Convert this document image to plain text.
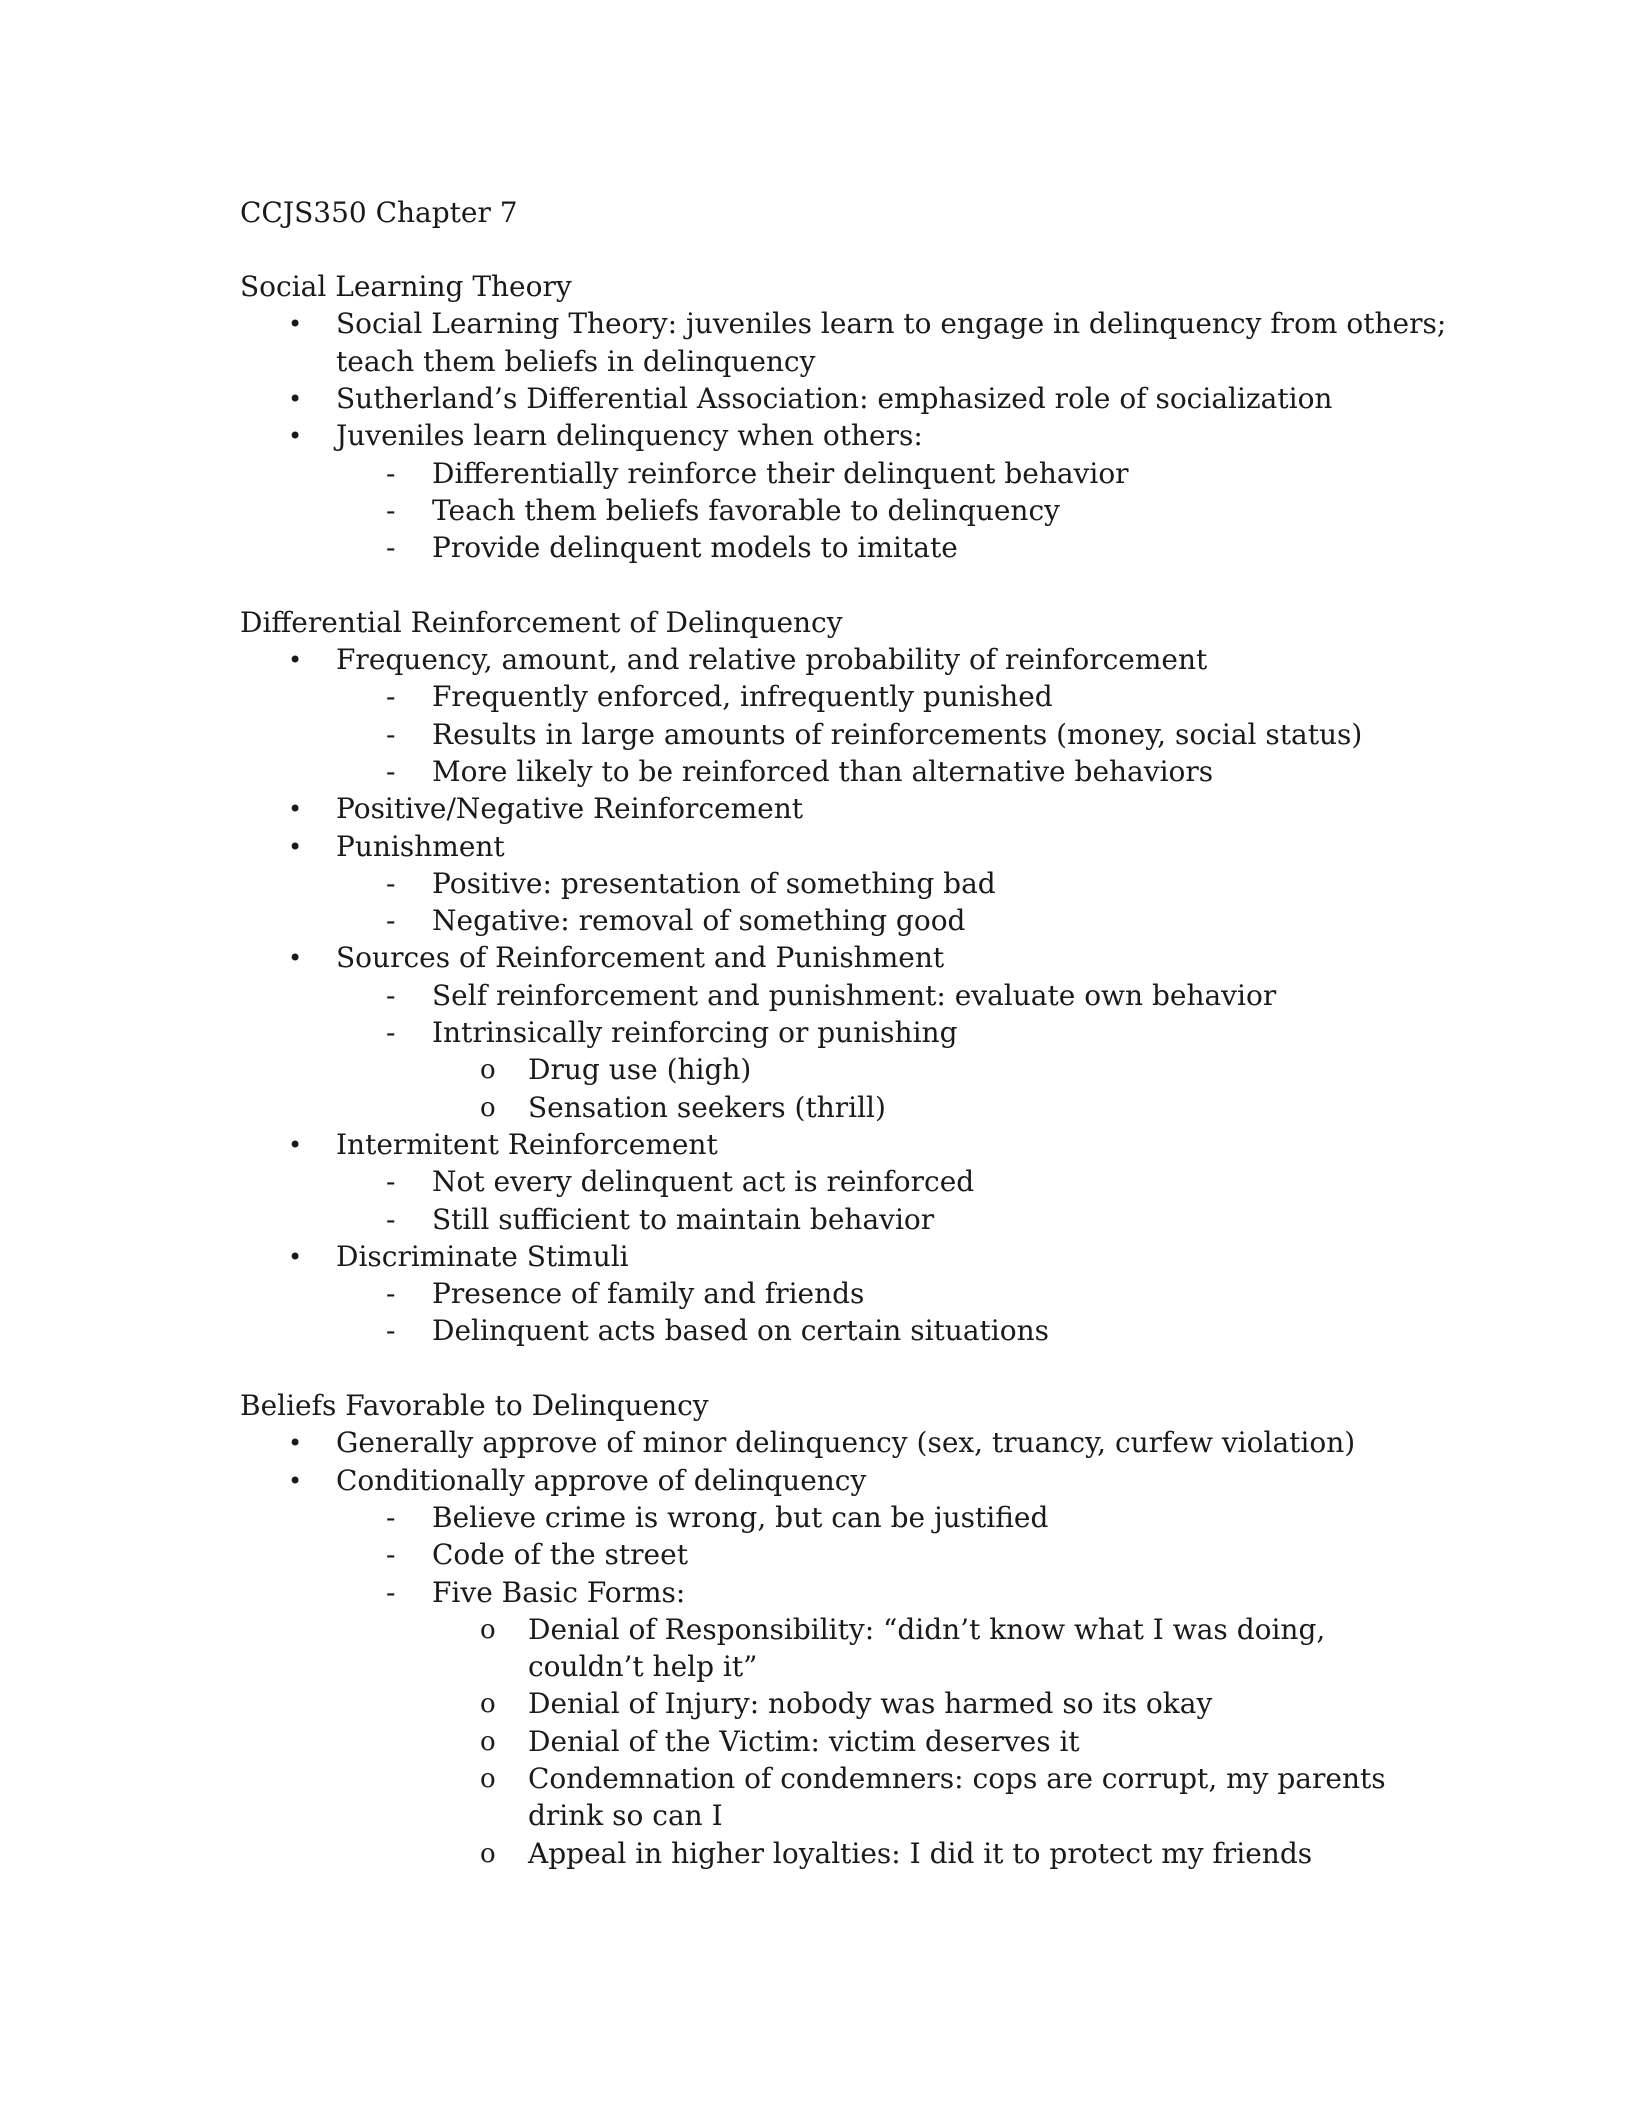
CCJS350 Chapter 7
Social Learning Theory
• Social Learning Theory: juveniles learn to engage in delinquency from others;
teach them beliefs in delinquency
• Sutherland’s Differential Association: emphasized role of socialization
• Juveniles learn delinquency when others:
- Differentially reinforce their delinquent behavior
- Teach them beliefs favorable to delinquency
- Provide delinquent models to imitate
Differential Reinforcement of Delinquency
• Frequency, amount, and relative probability of reinforcement
- Frequently enforced, infrequently punished
- Results in large amounts of reinforcements (money, social status)
- More likely to be reinforced than alternative behaviors
• Positive/Negative Reinforcement
• Punishment
- Positive: presentation of something bad
- Negative: removal of something good
• Sources of Reinforcement and Punishment
- Self reinforcement and punishment: evaluate own behavior
- Intrinsically reinforcing or punishing
o Drug use (high)
o Sensation seekers (thrill)
• Intermitent Reinforcement
- Not every delinquent act is reinforced
- Still sufficient to maintain behavior
• Discriminate Stimuli
- Presence of family and friends
- Delinquent acts based on certain situations
Beliefs Favorable to Delinquency
• Generally approve of minor delinquency (sex, truancy, curfew violation)
• Conditionally approve of delinquency
- Believe crime is wrong, but can be justified
- Code of the street
- Five Basic Forms:
o Denial of Responsibility: “didn’t know what I was doing,
couldn’t help it”
o Denial of Injury: nobody was harmed so its okay
o Denial of the Victim: victim deserves it
o Condemnation of condemners: cops are corrupt, my parents
drink so can I
o Appeal in higher loyalties: I did it to protect my friends
